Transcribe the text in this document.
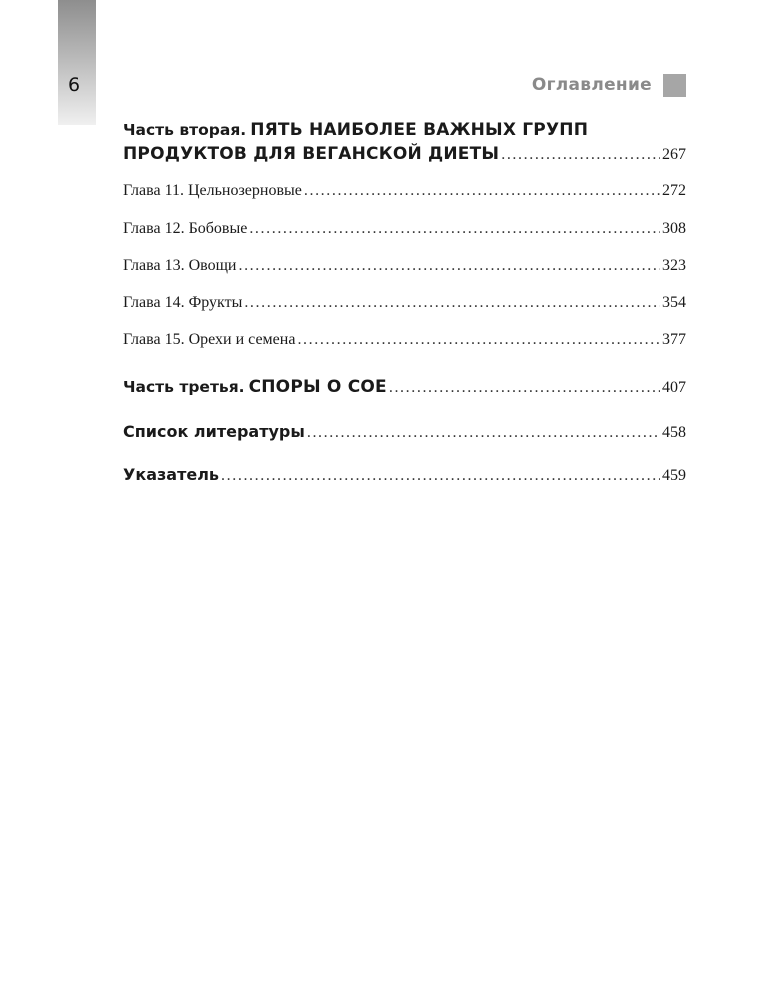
6	Оглавление
Часть вторая. ПЯТЬ НАИБОЛЕЕ ВАЖНЫХ ГРУПП
ПРОДУКТОВ ДЛЯ ВЕГАНСКОЙ ДИЕТЫ . . .	267
Глава 11. Цельнозерновые . . .	272
Глава 12. Бобовые . . .	308
Глава 13. Овощи . . .	323
Глава 14. Фрукты . . .	354
Глава 15. Орехи и семена . . .	377
Часть третья. СПОРЫ О СОЕ . . .	407
Список литературы . . .	458
Указатель . . .	459
